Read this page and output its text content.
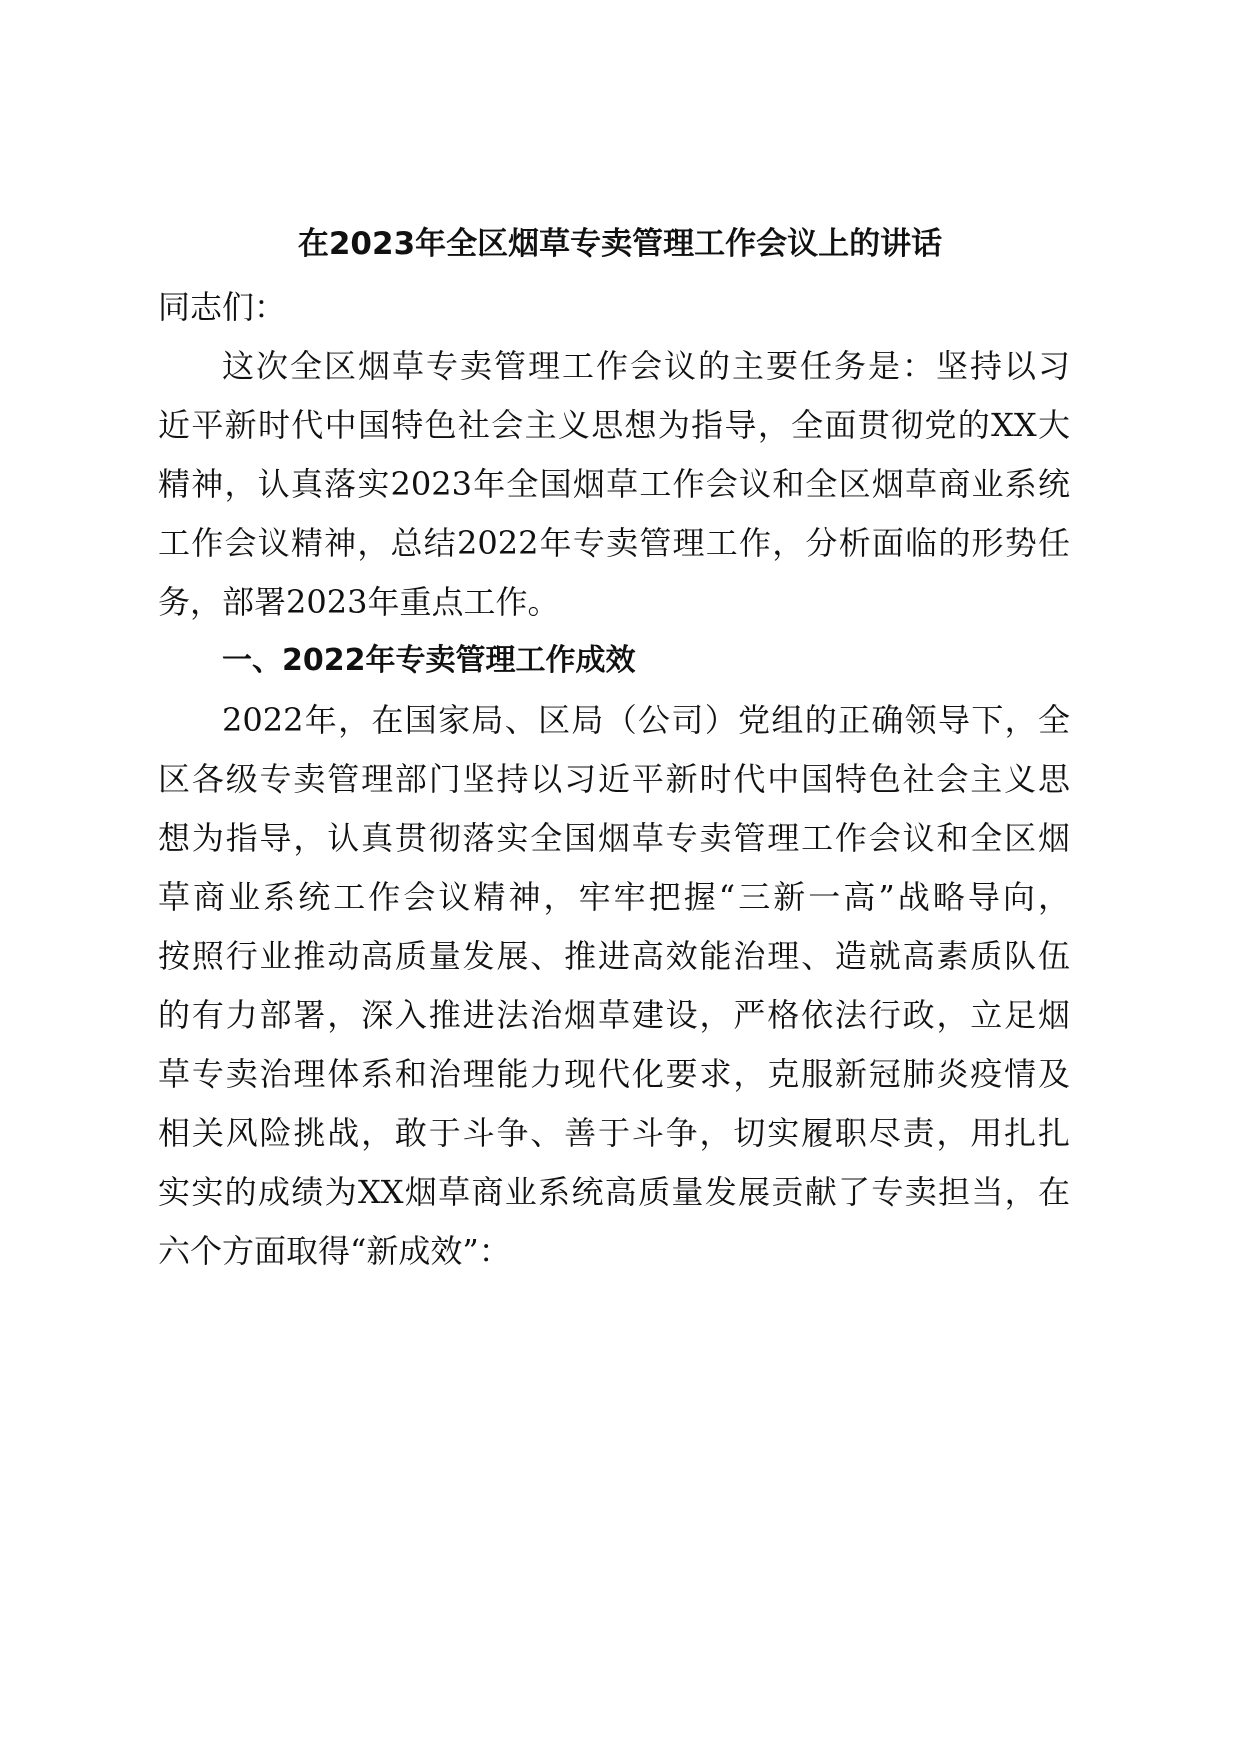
在2023年全区烟草专卖管理工作会议上的讲话
同志们：
这次全区烟草专卖管理工作会议的主要任务是：坚持以习
近平新时代中国特色社会主义思想为指导，全面贯彻党的XX大
精神，认真落实2023年全国烟草工作会议和全区烟草商业系统
工作会议精神，总结2022年专卖管理工作，分析面临的形势任
务，部署2023年重点工作。
一、2022年专卖管理工作成效
2022年，在国家局、区局（公司）党组的正确领导下，全
区各级专卖管理部门坚持以习近平新时代中国特色社会主义思
想为指导，认真贯彻落实全国烟草专卖管理工作会议和全区烟
草商业系统工作会议精神，牢牢把握“三新一高”战略导向，
按照行业推动高质量发展、推进高效能治理、造就高素质队伍
的有力部署，深入推进法治烟草建设，严格依法行政，立足烟
草专卖治理体系和治理能力现代化要求，克服新冠肺炎疫情及
相关风险挑战，敢于斗争、善于斗争，切实履职尽责，用扎扎
实实的成绩为XX烟草商业系统高质量发展贡献了专卖担当，在
六个方面取得“新成效”：
